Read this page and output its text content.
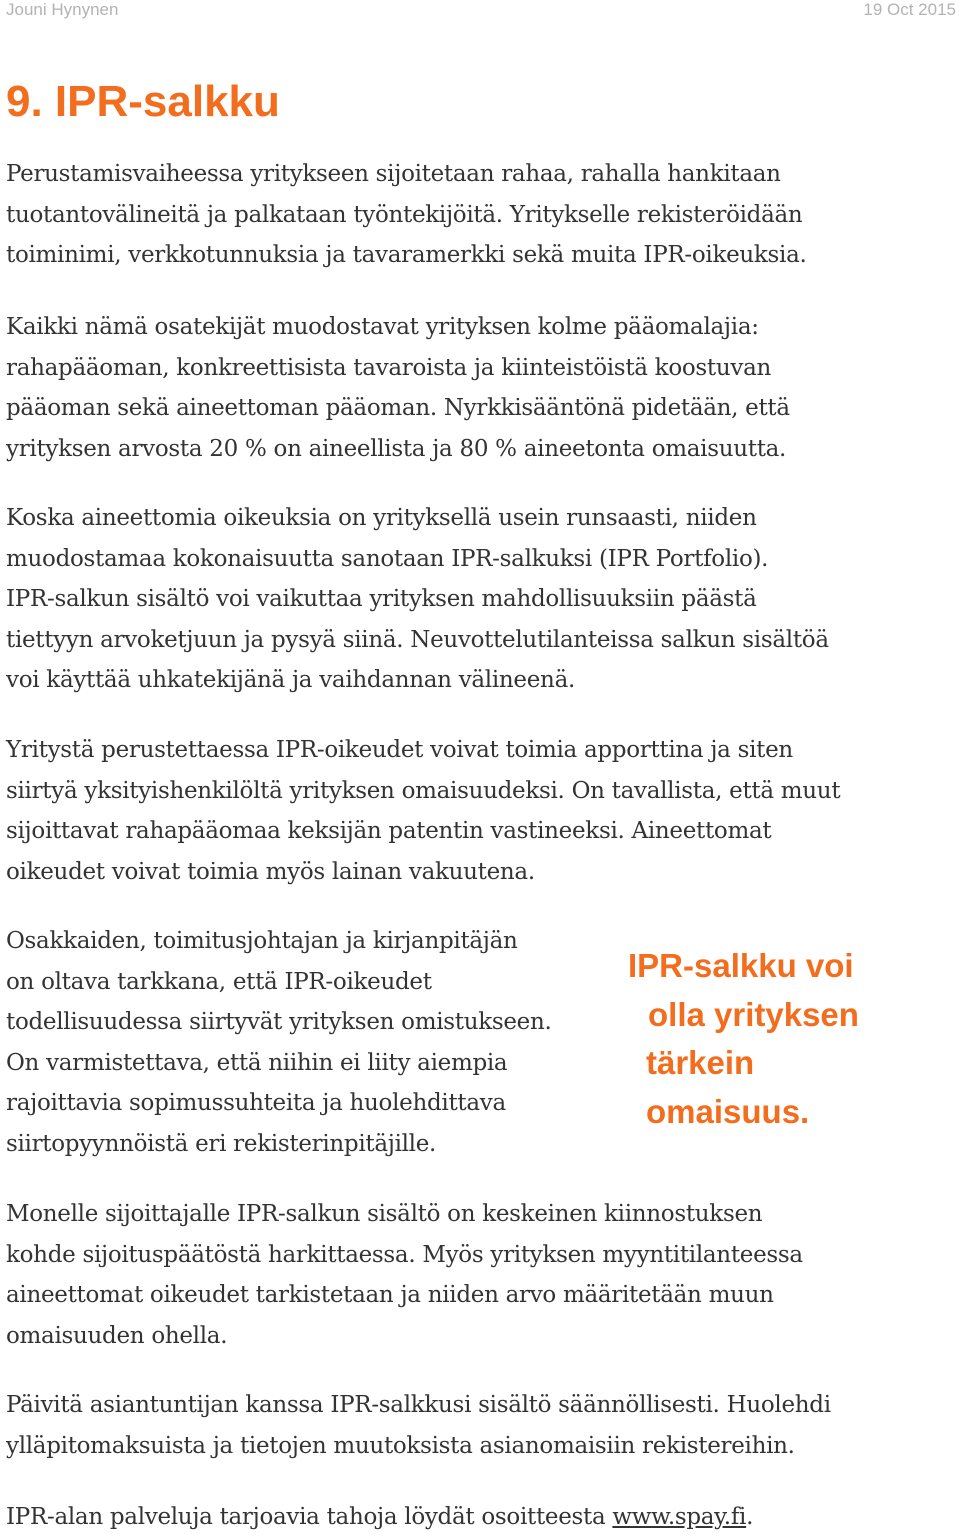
Jouni Hynynen	19 Oct 2015
9. IPR-salkku

Perustamisvaiheessa yritykseen sijoitetaan rahaa, rahalla hankitaan
tuotantovälineitä ja palkataan työntekijöitä. Yritykselle rekisteröidään
toiminimi, verkkotunnuksia ja tavaramerkki sekä muita IPR-oikeuksia.

Kaikki nämä osatekijät muodostavat yrityksen kolme pääomalajia:
rahapääoman, konkreettisista tavaroista ja kiinteistöistä koostuvan
pääoman sekä aineettoman pääoman. Nyrkkisääntönä pidetään, että
yrityksen arvosta 20 % on aineellista ja 80 % aineetonta omaisuutta.

Koska aineettomia oikeuksia on yrityksellä usein runsaasti, niiden
muodostamaa kokonaisuutta sanotaan IPR-salkuksi (IPR Portfolio).
IPR-salkun sisältö voi vaikuttaa yrityksen mahdollisuuksiin päästä
tiettyyn arvoketjuun ja pysyä siinä. Neuvottelutilanteissa salkun sisältöä
voi käyttää uhkatekijänä ja vaihdannan välineenä.

Yritystä perustettaessa IPR-oikeudet voivat toimia apporttina ja siten
siirtyä yksityishenkilöltä yrityksen omaisuudeksi. On tavallista, että muut
sijoittavat rahapääomaa keksijän patentin vastineeksi. Aineettomat
oikeudet voivat toimia myös lainan vakuutena.

Osakkaiden, toimitusjohtajan ja kirjanpitäjän
on oltava tarkkana, että IPR-oikeudet
todellisuudessa siirtyvät yrityksen omistukseen.
On varmistettava, että niihin ei liity aiempia
rajoittavia sopimussuhteita ja huolehdittava
siirtopyynnöistä eri rekisterinpitäjille.

IPR-salkku voi
olla yrityksen
tärkein
omaisuus.

Monelle sijoittajalle IPR-salkun sisältö on keskeinen kiinnostuksen
kohde sijoituspäätöstä harkittaessa. Myös yrityksen myyntitilanteessa
aineettomat oikeudet tarkistetaan ja niiden arvo määritetään muun
omaisuuden ohella.

Päivitä asiantuntijan kanssa IPR-salkkusi sisältö säännöllisesti. Huolehdi
ylläpitomaksuista ja tietojen muutoksista asianomaisiin rekistereihin.

IPR-alan palveluja tarjoavia tahoja löydät osoitteesta www.spay.fi.
